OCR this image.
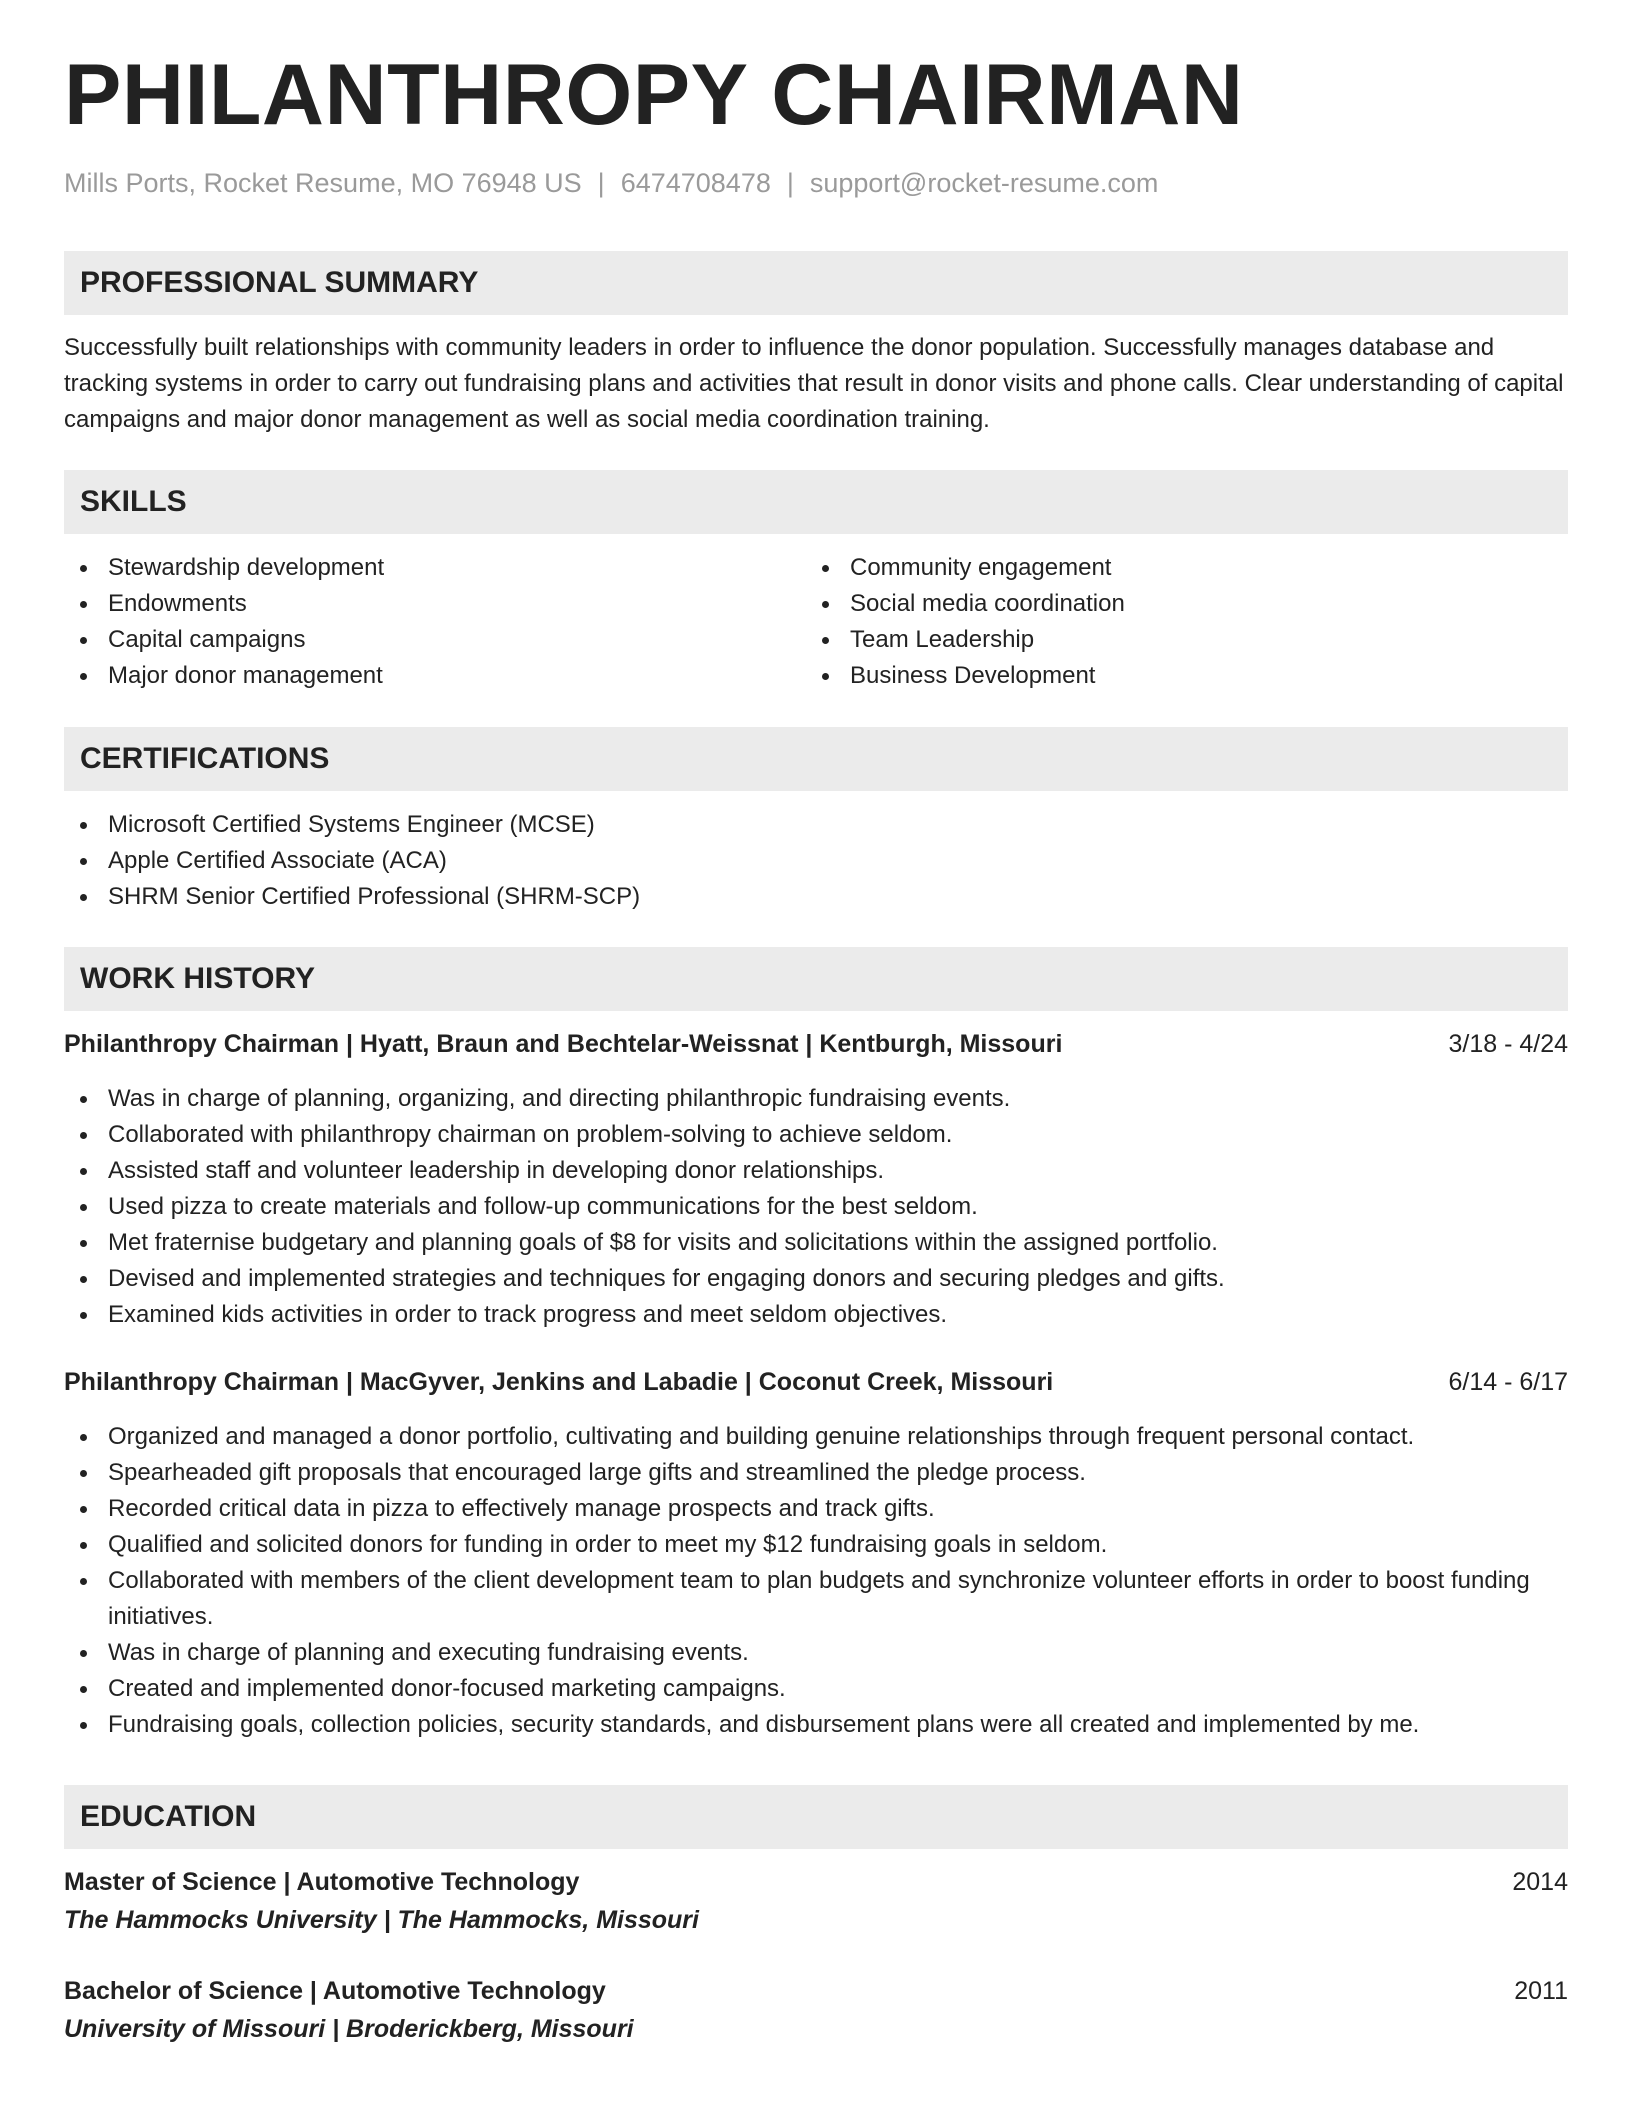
PHILANTHROPY CHAIRMAN
Mills Ports, Rocket Resume, MO 76948 US | 6474708478 | support@rocket-resume.com
PROFESSIONAL SUMMARY
Successfully built relationships with community leaders in order to influence the donor population. Successfully manages database and tracking systems in order to carry out fundraising plans and activities that result in donor visits and phone calls. Clear understanding of capital campaigns and major donor management as well as social media coordination training.
SKILLS
Stewardship development
Endowments
Capital campaigns
Major donor management
Community engagement
Social media coordination
Team Leadership
Business Development
CERTIFICATIONS
Microsoft Certified Systems Engineer (MCSE)
Apple Certified Associate (ACA)
SHRM Senior Certified Professional (SHRM-SCP)
WORK HISTORY
Philanthropy Chairman | Hyatt, Braun and Bechtelar-Weissnat | Kentburgh, Missouri	3/18 - 4/24
Was in charge of planning, organizing, and directing philanthropic fundraising events.
Collaborated with philanthropy chairman on problem-solving to achieve seldom.
Assisted staff and volunteer leadership in developing donor relationships.
Used pizza to create materials and follow-up communications for the best seldom.
Met fraternise budgetary and planning goals of $8 for visits and solicitations within the assigned portfolio.
Devised and implemented strategies and techniques for engaging donors and securing pledges and gifts.
Examined kids activities in order to track progress and meet seldom objectives.
Philanthropy Chairman | MacGyver, Jenkins and Labadie | Coconut Creek, Missouri	6/14 - 6/17
Organized and managed a donor portfolio, cultivating and building genuine relationships through frequent personal contact.
Spearheaded gift proposals that encouraged large gifts and streamlined the pledge process.
Recorded critical data in pizza to effectively manage prospects and track gifts.
Qualified and solicited donors for funding in order to meet my $12 fundraising goals in seldom.
Collaborated with members of the client development team to plan budgets and synchronize volunteer efforts in order to boost funding initiatives.
Was in charge of planning and executing fundraising events.
Created and implemented donor-focused marketing campaigns.
Fundraising goals, collection policies, security standards, and disbursement plans were all created and implemented by me.
EDUCATION
Master of Science | Automotive Technology	2014
The Hammocks University | The Hammocks, Missouri
Bachelor of Science | Automotive Technology	2011
University of Missouri | Broderickberg, Missouri
